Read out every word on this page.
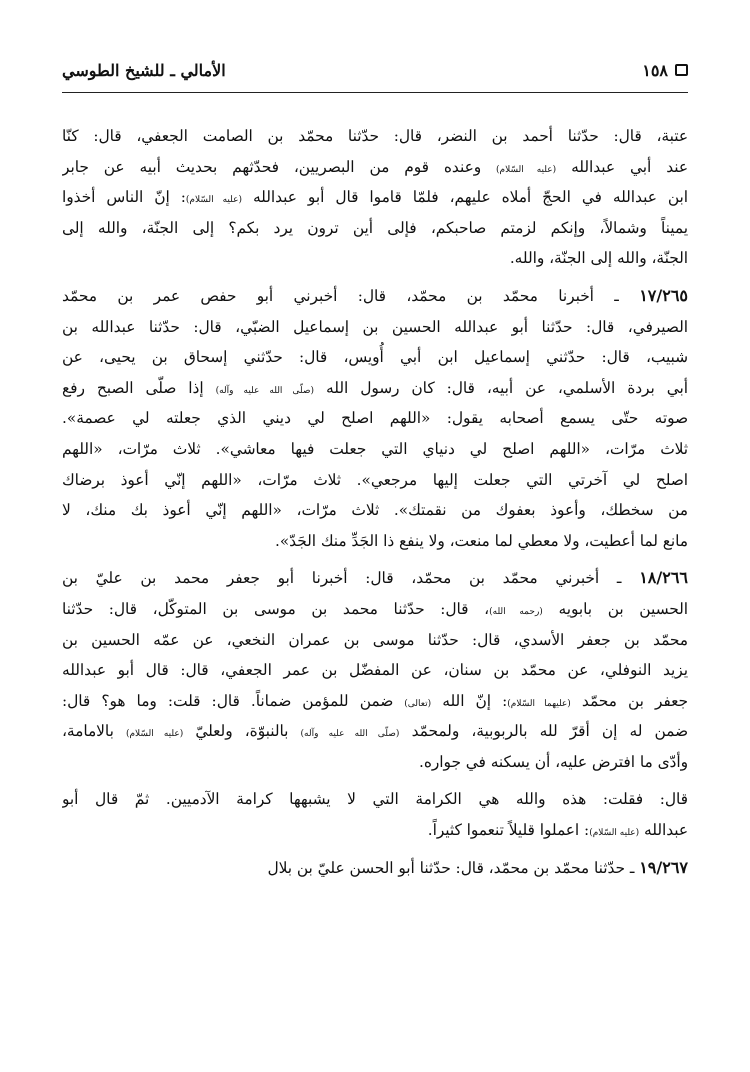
١٥٨
الأمالي ـ للشيخ الطوسي
عتبة، قال: حدّثنا أحمد بن النضر، قال: حدّثنا محمّد بن الصامت الجعفي، قال: كنّا
عند أبي عبدالله (عليه السّلام) وعنده قوم من البصريين، فحدّثهم بحديث أبيه عن جابر
ابن عبدالله في الحجّ أملاه عليهم، فلمّا قاموا قال أبو عبدالله (عليه السّلام): إنّ الناس أخذوا
يميناً وشمالاً، وإنكم لزمتم صاحبكم، فإلى أين ترون يرد بكم؟ إلى الجنّة، والله إلى
الجنّة، والله إلى الجنّة، والله.
١٧/٢٦٥ ـ أخبرنا محمّد بن محمّد، قال: أخبرني أبو حفص عمر بن محمّد
الصيرفي، قال: حدّثنا أبو عبدالله الحسين بن إسماعيل الضبّي، قال: حدّثنا عبدالله بن
شبيب، قال: حدّثني إسماعيل ابن أبي أُويس، قال: حدّثني إسحاق بن يحيى، عن
أبي بردة الأسلمي، عن أبيه، قال: كان رسول الله (صلّى الله عليه وآله) إذا صلّى الصبح رفع
صوته حتّى يسمع أصحابه يقول: «اللهم اصلح لي ديني الذي جعلته لي عصمة».
ثلاث مرّات، «اللهم اصلح لي دنياي التي جعلت فيها معاشي». ثلاث مرّات، «اللهم
اصلح لي آخرتي التي جعلت إليها مرجعي». ثلاث مرّات، «اللهم إنّي أعوذ برضاك
من سخطك، وأعوذ بعفوك من نقمتك». ثلاث مرّات، «اللهم إنّي أعوذ بك منك، لا
مانع لما أعطيت، ولا معطي لما منعت، ولا ينفع ذا الجَدِّ منك الجَدّ».
١٨/٢٦٦ ـ أخبرني محمّد بن محمّد، قال: أخبرنا أبو جعفر محمد بن عليّ بن
الحسين بن بابويه (رحمه الله)، قال: حدّثنا محمد بن موسى بن المتوكّل، قال: حدّثنا
محمّد بن جعفر الأسدي، قال: حدّثنا موسى بن عمران النخعي، عن عمّه الحسين بن
يزيد النوفلي، عن محمّد بن سنان، عن المفضّل بن عمر الجعفي، قال: قال أبو عبدالله
جعفر بن محمّد (عليهما السّلام): إنّ الله (تعالى) ضمن للمؤمن ضماناً. قال: قلت: وما هو؟ قال:
ضمن له إن أقرّ لله بالربوبية، ولمحمّد (صلّى الله عليه وآله) بالنبوّة، ولعليّ (عليه السّلام) بالامامة،
وأدّى ما افترض عليه، أن يسكنه في جواره.
قال: فقلت: هذه والله هي الكرامة التي لا يشبهها كرامة الآدميين. ثمّ قال أبو
عبدالله (عليه السّلام): اعملوا قليلاً تنعموا كثيراً.
١٩/٢٦٧ ـ حدّثنا محمّد بن محمّد، قال: حدّثنا أبو الحسن عليّ بن بلال
